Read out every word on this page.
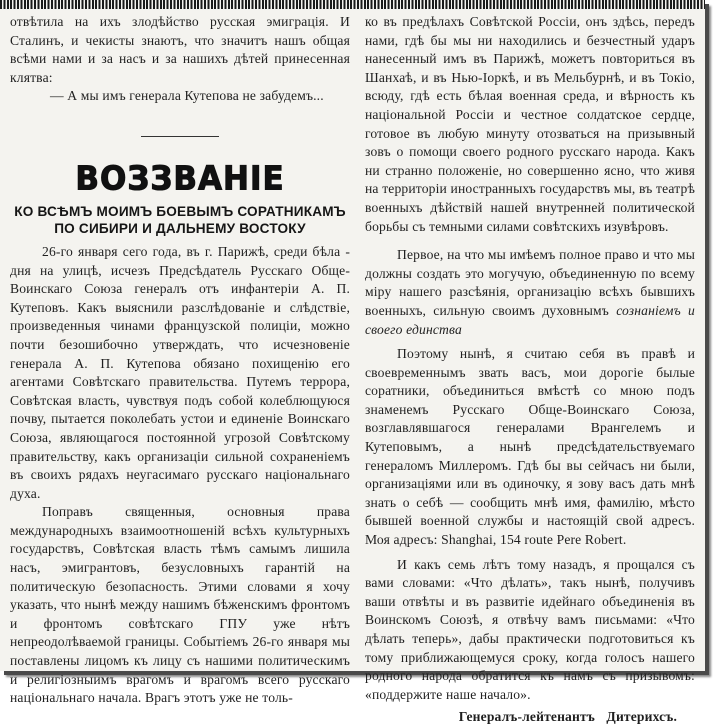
отвѣтила на ихъ злодѣйство русская эмиграція. И Сталинъ, и чекисты знаютъ, что значитъ нашъ общая всѣми нами и за насъ и за нашихъ дѣтей принесенная клятва:

— А мы имъ генерала Кутепова не забудемъ...

ВОЗЗВАНІЕ
КО ВСѢМЪ МОИМЪ БОЕВЫМЪ СОРАТНИКАМЪ
ПО СИБИРИ И ДАЛЬНЕМУ ВОСТОКУ

26-го января сего года, въ г. Парижѣ, среди бѣла - дня на улицѣ, исчезъ Предсѣдатель Русскаго Обще-Воинскаго Союза генералъ отъ инфантеріи А. П. Кутеповъ. Какъ выяснили разслѣдованіе и слѣдствіе, произведенныя чинами французской полиціи, можно почти безошибочно утверждать, что исчезновеніе генерала А. П. Кутепова обязано похищенію его агентами Совѣтскаго правительства. Путемъ террора, Совѣтская власть, чувствуя подъ собой колеблющуюся почву, пытается поколебать устои и единеніе Воинскаго Союза, являющагося постоянной угрозой Совѣтскому правительству, какъ организаціи сильной сохраненіемъ въ своихъ рядахъ неугасимаго русскаго національнаго духа.

Поправъ священныя, основныя права международныхъ взаимоотношеній всѣхъ культурныхъ государствъ, Совѣтская власть тѣмъ самымъ лишила насъ, эмигрантовъ, безусловныхъ гарантій на политическую безопасность. Этими словами я хочу указать, что нынѣ между нашимъ бѣженскимъ фронтомъ и фронтомъ совѣтскаго ГПУ уже нѣтъ непреодолѣваемой границы. Событіемъ 26-го января мы поставлены лицомъ къ лицу съ нашими политическимъ и религіозныимъ врагомъ и врагомъ всего русскаго національнаго начала. Врагъ этотъ уже не толь-

ко въ предѣлахъ Совѣтской Россіи, онъ здѣсь, передъ нами, гдѣ бы мы ни находились и безчестный ударъ нанесенный имъ въ Парижѣ, можетъ повториться въ Шанхаѣ, и въ Нью-Іоркѣ, и въ Мельбурнѣ, и въ Токіо, всюду, гдѣ есть бѣлая военная среда, и вѣрность къ національной Россіи и честное солдатское сердце, готовое въ любую минуту отозваться на призывный зовъ о помощи своего родного русскаго народа. Какъ ни странно положеніе, но совершенно ясно, что живя на территоріи иностранныхъ государствъ мы, въ театрѣ военныхъ дѣйствій нашей внутренней политической борьбы съ темными силами совѣтскихъ изувѣровъ.

Первое, на что мы имѣемъ полное право и что мы должны создать это могучую, объединенную по всему міру нашего разсѣянія, организацію всѣхъ бывшихъ военныхъ, сильную своимъ духовнымъ сознаніемъ и своего единства

Поэтому нынѣ, я считаю себя въ правѣ и своевременнымъ звать васъ, мои дорогіе былые соратники, объединиться вмѣстѣ со мною подъ знаменемъ Русскаго Обще-Воинскаго Союза, возглавлявшагося генералами Врангелемъ и Кутеповымъ, а нынѣ предсѣдательствуемаго генераломъ Миллеромъ. Гдѣ бы вы сейчасъ ни были, организаціями или въ одиночку, я зову васъ дать мнѣ знать о себѣ — сообщить мнѣ имя, фамилію, мѣсто бывшей военной службы и настоящій свой адресъ. Моя адресъ: Shanghai, 154 route Pere Robert.

И какъ семь лѣтъ тому назадъ, я прощался съ вами словами: «Что дѣлать», такъ нынѣ, получивъ ваши отвѣты и въ развитіе идейнаго объединенія въ Воинскомъ Союзѣ, я отвѣчу вамъ письмами: «Что дѣлать теперь», дабы практически подготовиться къ тому приближающемуся сроку, когда голосъ нашего родного народа обратится къ намъ съ призывомъ: «поддержите наше начало».

Генералъ-лейтенантъ Дитерихсъ.
